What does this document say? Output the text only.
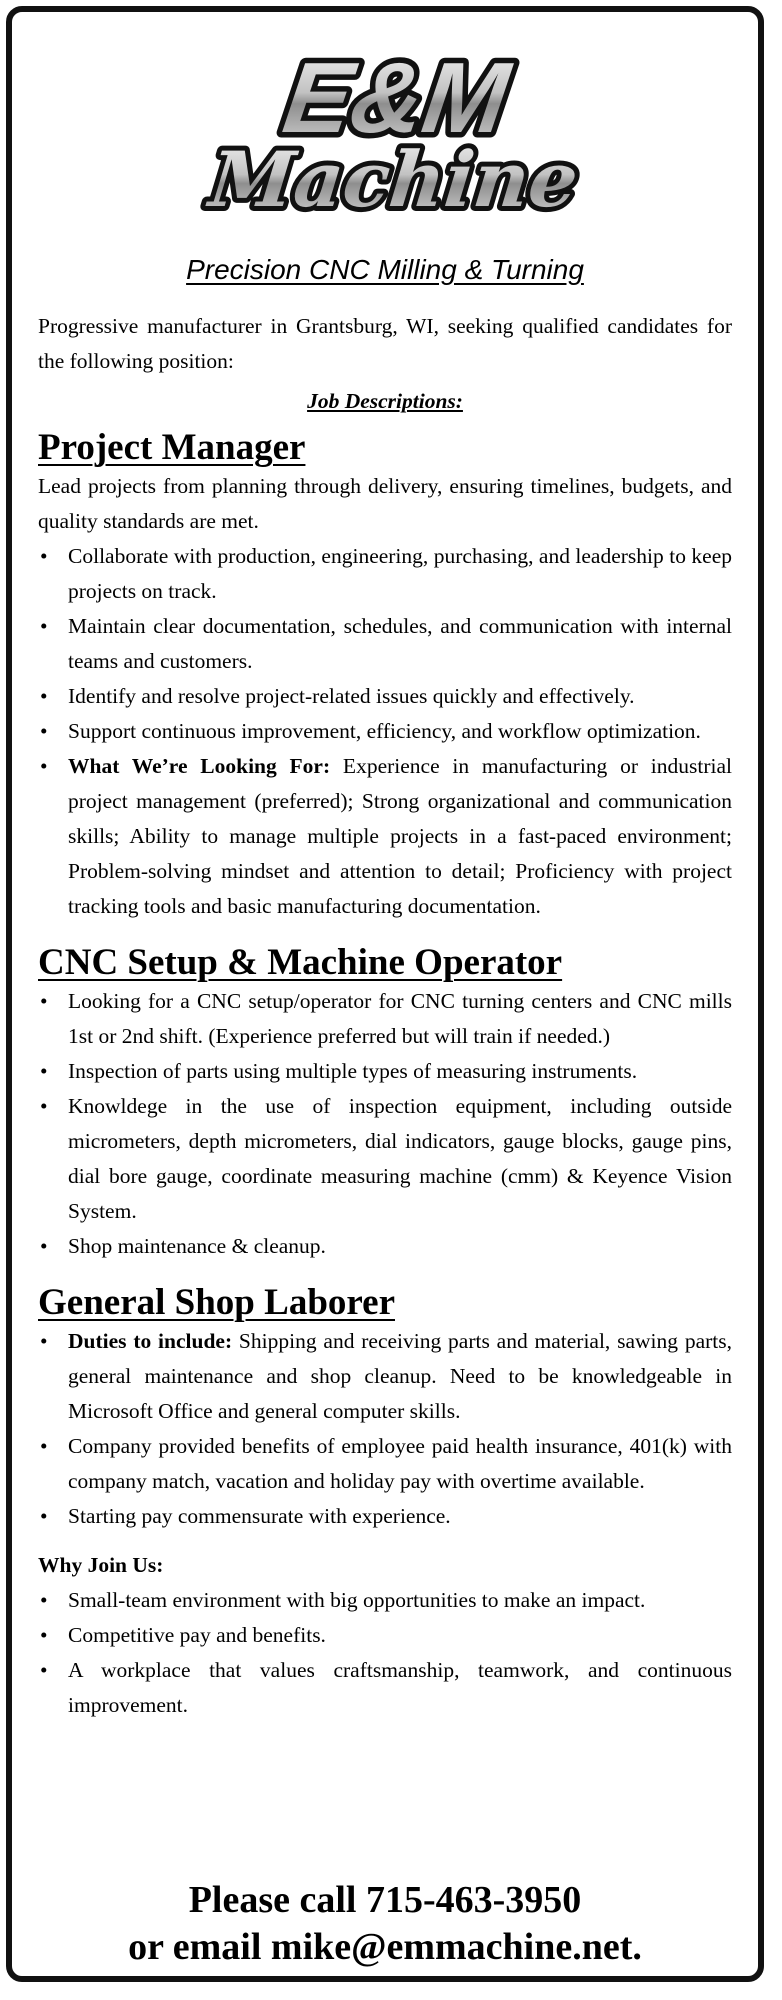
E&M
Machine
Precision CNC Milling & Turning

Progressive manufacturer in Grantsburg, WI, seeking qualified candidates for the following position:

Job Descriptions:
Project Manager

Lead projects from planning through delivery, ensuring timelines, budgets, and quality standards are met.

• Collaborate with production, engineering, purchasing, and leadership to keep projects on track.
• Maintain clear documentation, schedules, and communication with internal teams and customers.
• Identify and resolve project-related issues quickly and effectively.
• Support continuous improvement, efficiency, and workflow optimization.
• What We’re Looking For: Experience in manufacturing or industrial project management (preferred); Strong organizational and communication skills; Ability to manage multiple projects in a fast-paced environment; Problem-solving mindset and attention to detail; Proficiency with project tracking tools and basic manufacturing documentation.
CNC Setup & Machine Operator
• Looking for a CNC setup/operator for CNC turning centers and CNC mills 1st or 2nd shift. (Experience preferred but will train if needed.)
• Inspection of parts using multiple types of measuring instruments.
• Knowldege in the use of inspection equipment, including outside micrometers, depth micrometers, dial indicators, gauge blocks, gauge pins, dial bore gauge, coordinate measuring machine (cmm) & Keyence Vision System.
• Shop maintenance & cleanup.
General Shop Laborer
• Duties to include: Shipping and receiving parts and material, sawing parts, general maintenance and shop cleanup. Need to be knowledgeable in Microsoft Office and general computer skills.
• Company provided benefits of employee paid health insurance, 401(k) with company match, vacation and holiday pay with overtime available.
• Starting pay commensurate with experience.
Why Join Us:
• Small-team environment with big opportunities to make an impact.
• Competitive pay and benefits.
• A workplace that values craftsmanship, teamwork, and continuous improvement.
Please call 715-463-3950
or email mike@emmachine.net.
